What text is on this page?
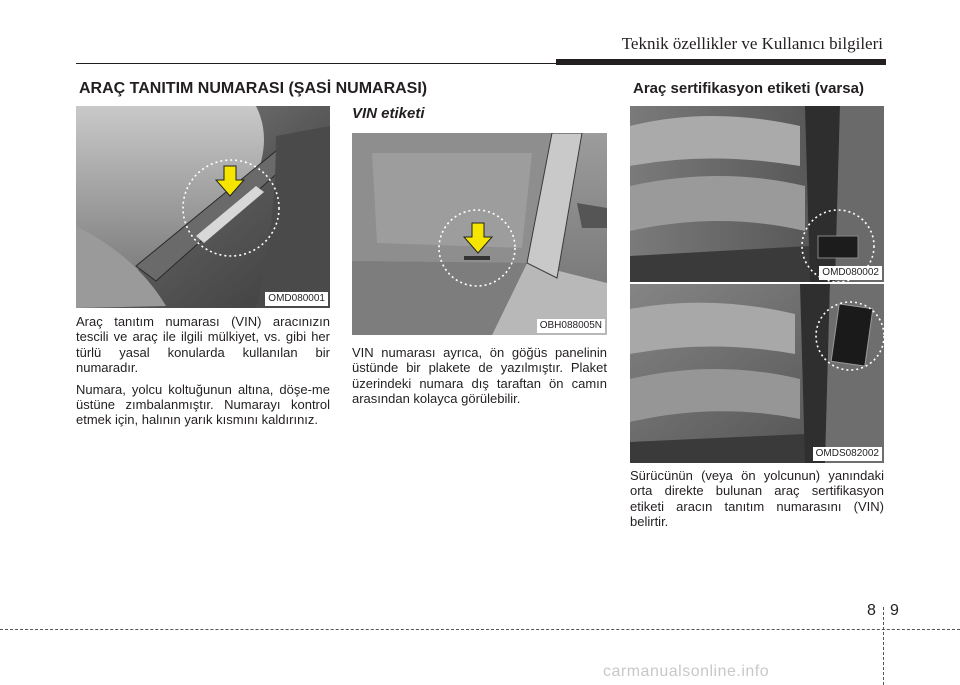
Teknik özellikler ve Kullanıcı bilgileri
ARAÇ TANITIM NUMARASI (ŞASİ NUMARASI)
OMD080001

Araç tanıtım numarası (VIN) aracınızın tescili ve araç ile ilgili mülkiyet, vs. gibi her türlü yasal konularda kullanılan bir numaradır.

Numara, yolcu koltuğunun altına, döşe-me üstüne zımbalanmıştır. Numarayı kontrol etmek için, halının yarık kısmını kaldırınız.

VIN etiketi
OBH088005N

VIN numarası ayrıca, ön göğüs panelinin üstünde bir plakete de yazılmıştır. Plaket üzerindeki numara dış taraftan ön camın arasından kolayca görülebilir.

Araç sertifikasyon etiketi (varsa)
OMD080002
OMDS082002

Sürücünün (veya ön yolcunun) yanındaki orta direkte bulunan araç sertifikasyon etiketi aracın tanıtım numarasını (VIN) belirtir.

8 9
carmanualsonline.info
